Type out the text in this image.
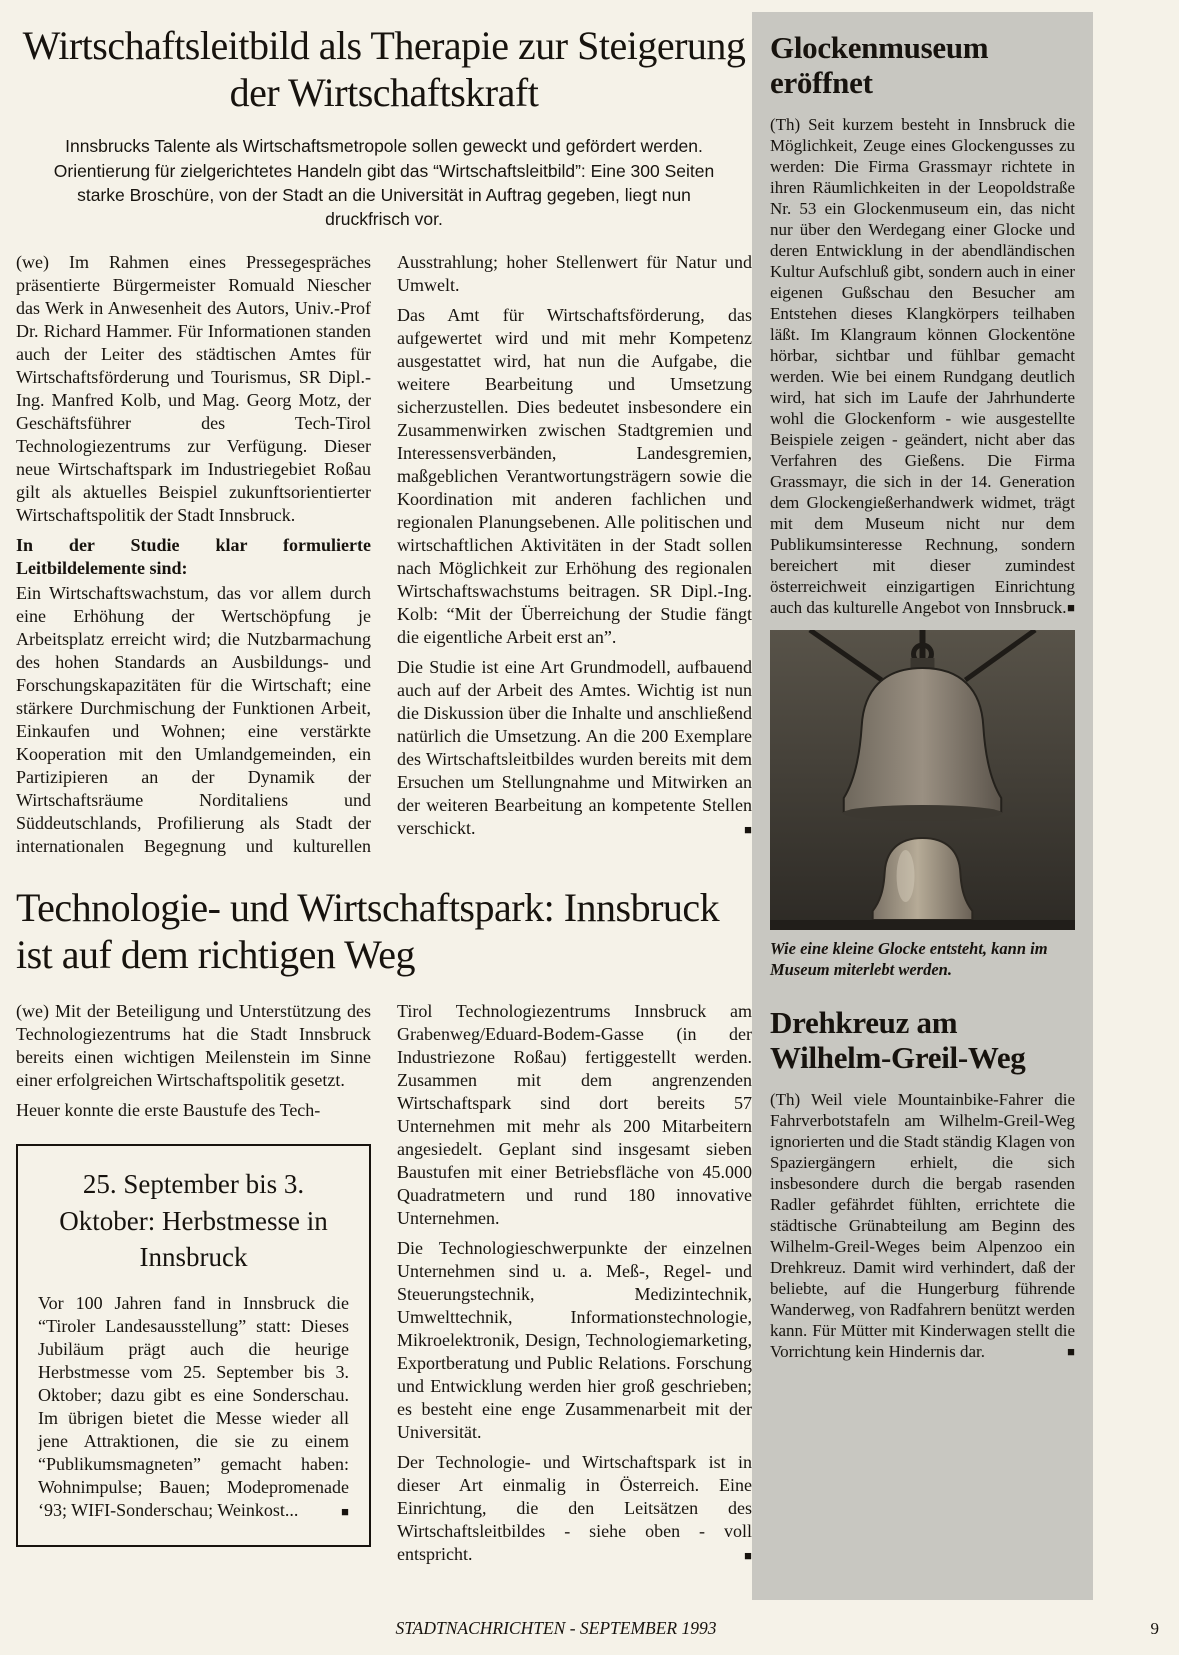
Wirtschaftsleitbild als Therapie zur Steigerung der Wirtschaftskraft

Innsbrucks Talente als Wirtschaftsmetropole sollen geweckt und gefördert werden. Orientierung für zielgerichtetes Handeln gibt das “Wirtschaftsleitbild”: Eine 300 Seiten starke Broschüre, von der Stadt an die Universität in Auftrag gegeben, liegt nun druckfrisch vor.

(we) Im Rahmen eines Pressegespräches präsentierte Bürgermeister Romuald Niescher das Werk in Anwesenheit des Autors, Univ.-Prof Dr. Richard Hammer. Für Informationen standen auch der Leiter des städtischen Amtes für Wirtschaftsförderung und Tourismus, SR Dipl.-Ing. Manfred Kolb, und Mag. Georg Motz, der Geschäftsführer des Tech-Tirol Technologiezentrums zur Verfügung. Dieser neue Wirtschaftspark im Industriegebiet Roßau gilt als aktuelles Beispiel zukunftsorientierter Wirtschaftspolitik der Stadt Innsbruck.

In der Studie klar formulierte Leitbildelemente sind:

Ein Wirtschaftswachstum, das vor allem durch eine Erhöhung der Wertschöpfung je Arbeitsplatz erreicht wird; die Nutzbarmachung des hohen Standards an Ausbildungs- und Forschungskapazitäten für die Wirtschaft; eine stärkere Durchmischung der Funktionen Arbeit, Einkaufen und Wohnen; eine verstärkte Kooperation mit den Umlandgemeinden, ein Partizipieren an der Dynamik der Wirtschaftsräume Norditaliens und Süddeutschlands, Profilierung als Stadt der internationalen Begegnung und kulturellen Ausstrahlung; hoher Stellenwert für Natur und Umwelt.

Das Amt für Wirtschaftsförderung, das aufgewertet wird und mit mehr Kompetenz ausgestattet wird, hat nun die Aufgabe, die weitere Bearbeitung und Umsetzung sicherzustellen. Dies bedeutet insbesondere ein Zusammenwirken zwischen Stadtgremien und Interessensverbänden, Landesgremien, maßgeblichen Verantwortungsträgern sowie die Koordination mit anderen fachlichen und regionalen Planungsebenen. Alle politischen und wirtschaftlichen Aktivitäten in der Stadt sollen nach Möglichkeit zur Erhöhung des regionalen Wirtschaftswachstums beitragen. SR Dipl.-Ing. Kolb: “Mit der Überreichung der Studie fängt die eigentliche Arbeit erst an”.

Die Studie ist eine Art Grundmodell, aufbauend auch auf der Arbeit des Amtes. Wichtig ist nun die Diskussion über die Inhalte und anschließend natürlich die Umsetzung. An die 200 Exemplare des Wirtschaftsleitbildes wurden bereits mit dem Ersuchen um Stellungnahme und Mitwirken an der weiteren Bearbeitung an kompetente Stellen verschickt.	■

Technologie- und Wirtschaftspark: Innsbruck ist auf dem richtigen Weg

(we) Mit der Beteiligung und Unterstützung des Technologiezentrums hat die Stadt Innsbruck bereits einen wichtigen Meilenstein im Sinne einer erfolgreichen Wirtschaftspolitik gesetzt.

Heuer konnte die erste Baustufe des Tech-

25. September bis 3. Oktober: Herbstmesse in Innsbruck

Vor 100 Jahren fand in Innsbruck die “Tiroler Landesausstellung” statt: Dieses Jubiläum prägt auch die heurige Herbstmesse vom 25. September bis 3. Oktober; dazu gibt es eine Sonderschau. Im übrigen bietet die Messe wieder all jene Attraktionen, die sie zu einem “Publikumsmagneten” gemacht haben: Wohnimpulse; Bauen; Modepromenade ‘93; WIFI-Sonderschau; Weinkost...	■

Tirol Technologiezentrums Innsbruck am Grabenweg/Eduard-Bodem-Gasse (in der Industriezone Roßau) fertiggestellt werden. Zusammen mit dem angrenzenden Wirtschaftspark sind dort bereits 57 Unternehmen mit mehr als 200 Mitarbeitern angesiedelt. Geplant sind insgesamt sieben Baustufen mit einer Betriebsfläche von 45.000 Quadratmetern und rund 180 innovative Unternehmen.

Die Technologieschwerpunkte der einzelnen Unternehmen sind u. a. Meß-, Regel- und Steuerungstechnik, Medizintechnik, Umwelttechnik, Informationstechnologie, Mikroelektronik, Design, Technologiemarketing, Exportberatung und Public Relations. Forschung und Entwicklung werden hier groß geschrieben; es besteht eine enge Zusammenarbeit mit der Universität.

Der Technologie- und Wirtschaftspark ist in dieser Art einmalig in Österreich. Eine Einrichtung, die den Leitsätzen des Wirtschaftsleitbildes - siehe oben - voll entspricht.	■

Glockenmuseum eröffnet

(Th) Seit kurzem besteht in Innsbruck die Möglichkeit, Zeuge eines Glockengusses zu werden: Die Firma Grassmayr richtete in ihren Räumlichkeiten in der Leopoldstraße Nr. 53 ein Glockenmuseum ein, das nicht nur über den Werdegang einer Glocke und deren Entwicklung in der abendländischen Kultur Aufschluß gibt, sondern auch in einer eigenen Gußschau den Besucher am Entstehen dieses Klangkörpers teilhaben läßt. Im Klangraum können Glockentöne hörbar, sichtbar und fühlbar gemacht werden. Wie bei einem Rundgang deutlich wird, hat sich im Laufe der Jahrhunderte wohl die Glockenform - wie ausgestellte Beispiele zeigen - geändert, nicht aber das Verfahren des Gießens. Die Firma Grassmayr, die sich in der 14. Generation dem Glockengießerhandwerk widmet, trägt mit dem Museum nicht nur dem Publikumsinteresse Rechnung, sondern bereichert mit dieser zumindest österreichweit einzigartigen Einrichtung auch das kulturelle Angebot von Innsbruck. ■

Wie eine kleine Glocke entsteht, kann im Museum miterlebt werden.

Drehkreuz am Wilhelm-Greil-Weg

(Th) Weil viele Mountainbike-Fahrer die Fahrverbotstafeln am Wilhelm-Greil-Weg ignorierten und die Stadt ständig Klagen von Spaziergängern erhielt, die sich insbesondere durch die bergab rasenden Radler gefährdet fühlten, errichtete die städtische Grünabteilung am Beginn des Wilhelm-Greil-Weges beim Alpenzoo ein Drehkreuz. Damit wird verhindert, daß der beliebte, auf die Hungerburg führende Wanderweg, von Radfahrern benützt werden kann. Für Mütter mit Kinderwagen stellt die Vorrichtung kein Hindernis dar.	■

STADTNACHRICHTEN - SEPTEMBER 1993	9
